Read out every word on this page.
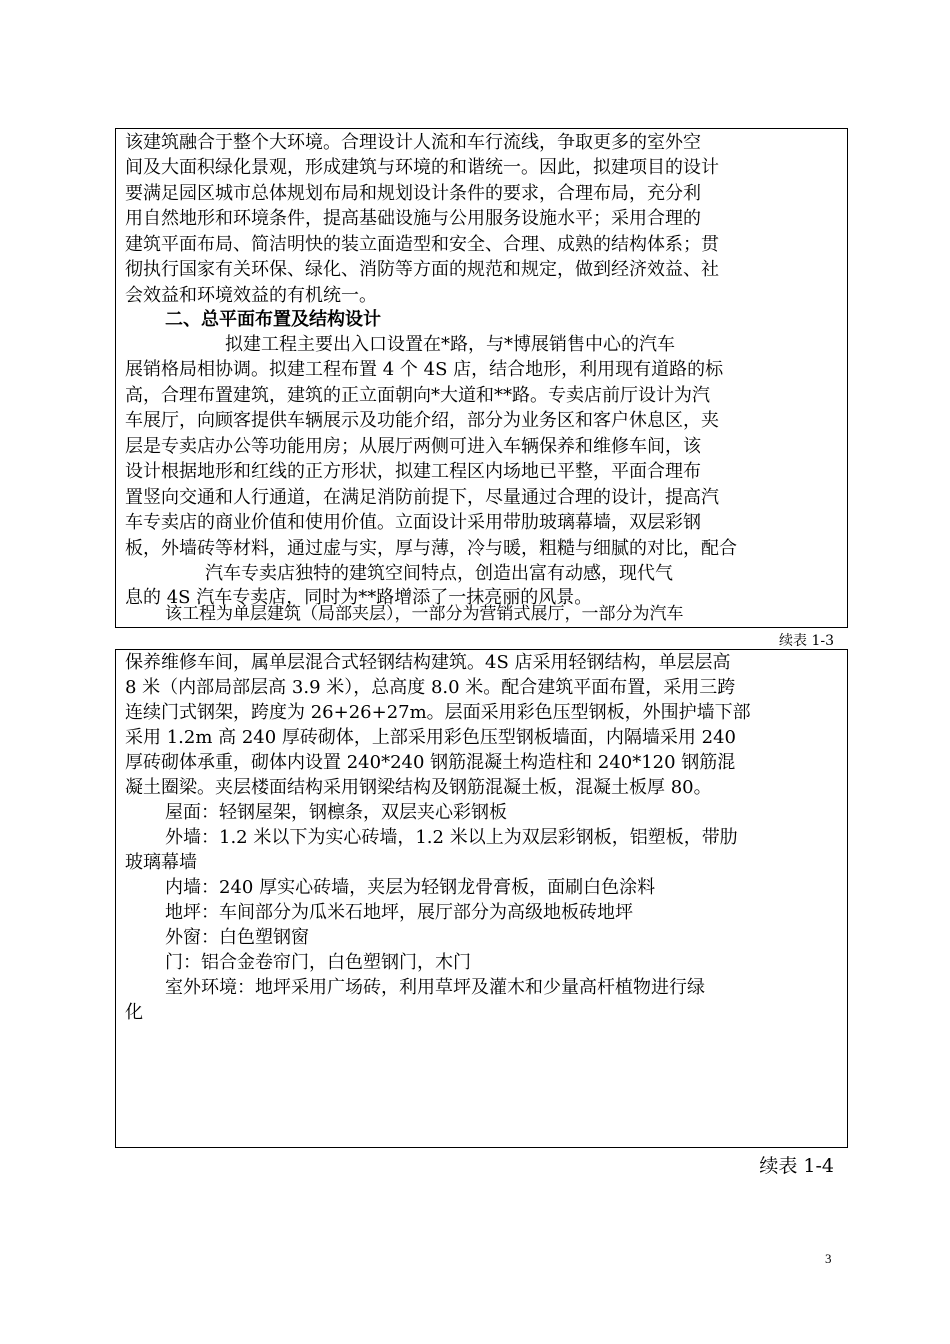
该建筑融合于整个大环境。合理设计人流和车行流线，争取更多的室外空
间及大面积绿化景观，形成建筑与环境的和谐统一。因此，拟建项目的设计
要满足园区城市总体规划布局和规划设计条件的要求，合理布局，充分利
用自然地形和环境条件，提高基础设施与公用服务设施水平；采用合理的
建筑平面布局、简洁明快的装立面造型和安全、合理、成熟的结构体系；贯
彻执行国家有关环保、绿化、消防等方面的规范和规定，做到经济效益、社
会效益和环境效益的有机统一。
二、总平面布置及结构设计
拟建工程主要出入口设置在*路，与*博展销售中心的汽车
展销格局相协调。拟建工程布置 4 个 4S 店，结合地形，利用现有道路的标
高，合理布置建筑，建筑的正立面朝向*大道和**路。专卖店前厅设计为汽
车展厅，向顾客提供车辆展示及功能介绍，部分为业务区和客户休息区，夹
层是专卖店办公等功能用房；从展厅两侧可进入车辆保养和维修车间，该
设计根据地形和红线的正方形状，拟建工程区内场地已平整，平面合理布
置竖向交通和人行通道，在满足消防前提下，尽量通过合理的设计，提高汽
车专卖店的商业价值和使用价值。立面设计采用带肋玻璃幕墙，双层彩钢
板，外墙砖等材料，通过虚与实，厚与薄，冷与暖，粗糙与细腻的对比，配合
汽车专卖店独特的建筑空间特点，创造出富有动感，现代气
息的 4S 汽车专卖店，同时为**路增添了一抹亮丽的风景。
该工程为单层建筑（局部夹层），一部分为营销式展厅，一部分为汽车
续表 1-3
保养维修车间，属单层混合式轻钢结构建筑。4S 店采用轻钢结构，单层层高
8 米（内部局部层高 3.9 米），总高度 8.0 米。配合建筑平面布置，采用三跨
连续门式钢架，跨度为 26+26+27m。层面采用彩色压型钢板，外围护墙下部
采用 1.2m 高 240 厚砖砌体，上部采用彩色压型钢板墙面，内隔墙采用 240
厚砖砌体承重，砌体内设置 240*240 钢筋混凝土构造柱和 240*120 钢筋混
凝土圈梁。夹层楼面结构采用钢梁结构及钢筋混凝土板，混凝土板厚 80。
屋面：轻钢屋架，钢檩条，双层夹心彩钢板
外墙：1.2 米以下为实心砖墙，1.2 米以上为双层彩钢板，铝塑板，带肋
玻璃幕墙
内墙：240 厚实心砖墙，夹层为轻钢龙骨膏板，面刷白色涂料
地坪：车间部分为瓜米石地坪，展厅部分为高级地板砖地坪
外窗：白色塑钢窗
门：铝合金卷帘门，白色塑钢门，木门
室外环境：地坪采用广场砖，利用草坪及灌木和少量高杆植物进行绿
化
续表 1-4
3
